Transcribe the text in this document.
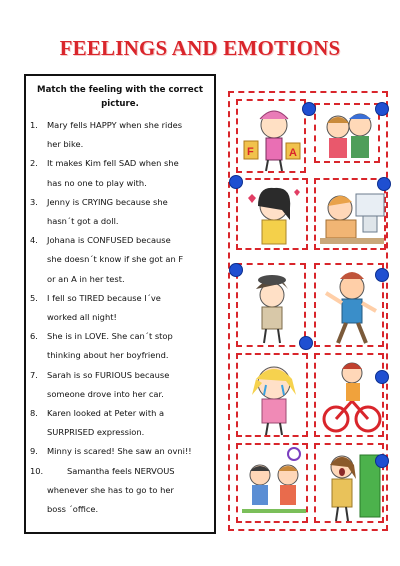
FEELINGS AND EMOTIONS
Match the feeling with the correct picture.
1. Mary fells HAPPY when she rides
her bike.
2. It makes Kim fell SAD when she
has no one to play with.
3. Jenny is CRYING because she
hasn´t got a doll.
4. Johana is CONFUSED because
she doesn´t know if she got an F
or an A in her test.
5. I fell so TIRED because I´ve
worked all night!
6. She is in LOVE. She can´t stop
thinking about her boyfriend.
7. Sarah is so FURIOUS because
someone drove into her car.
8. Karen looked at Peter with a
SURPRISED expression.
9. Minny is scared! She saw an ovni!!
10.	Samantha feels NERVOUS
whenever she has to go to her
boss ´office.
F	A
